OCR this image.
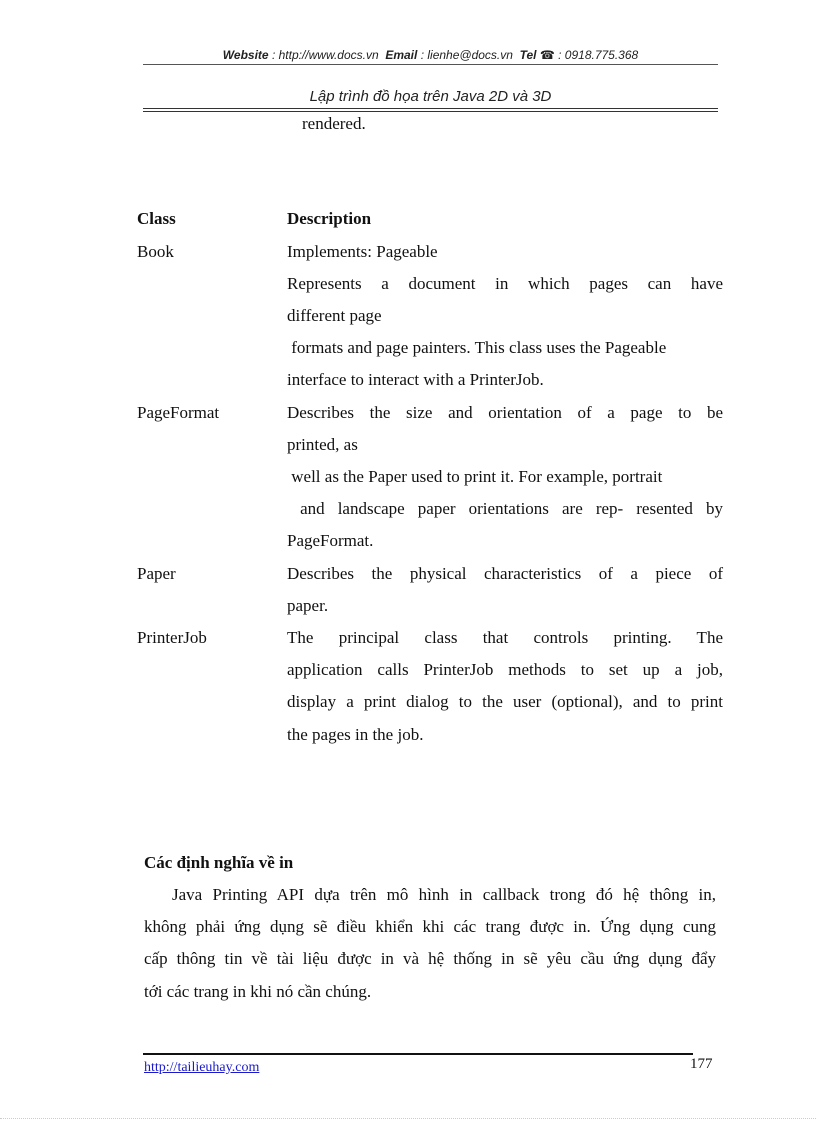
Website : http://www.docs.vn Email : lienhe@docs.vn Tel ☎ : 0918.775.368
Lập trình đồ họa trên Java 2D và 3D
rendered.
Class	Description
Book	Implements: Pageable
Represents a document in which pages can have
different page
formats and page painters. This class uses the Pageable
interface to interact with a PrinterJob.
PageFormat	Describes the size and orientation of a page to be
printed, as
well as the Paper used to print it. For example, portrait
and landscape paper orientations are rep- resented by
PageFormat.
Paper	Describes the physical characteristics of a piece of
paper.
PrinterJob	The principal class that controls printing. The
application calls PrinterJob methods to set up a job,
display a print dialog to the user (optional), and to print
the pages in the job.
Các định nghĩa về in
Java Printing API dựa trên mô hình in callback trong đó hệ thông in,
không phải ứng dụng sẽ điều khiển khi các trang được in. Ứng dụng cung
cấp thông tin về tài liệu được in và hệ thống in sẽ yêu cầu ứng dụng đẩy
tới các trang in khi nó cần chúng.
http://tailieuhay.com	177
